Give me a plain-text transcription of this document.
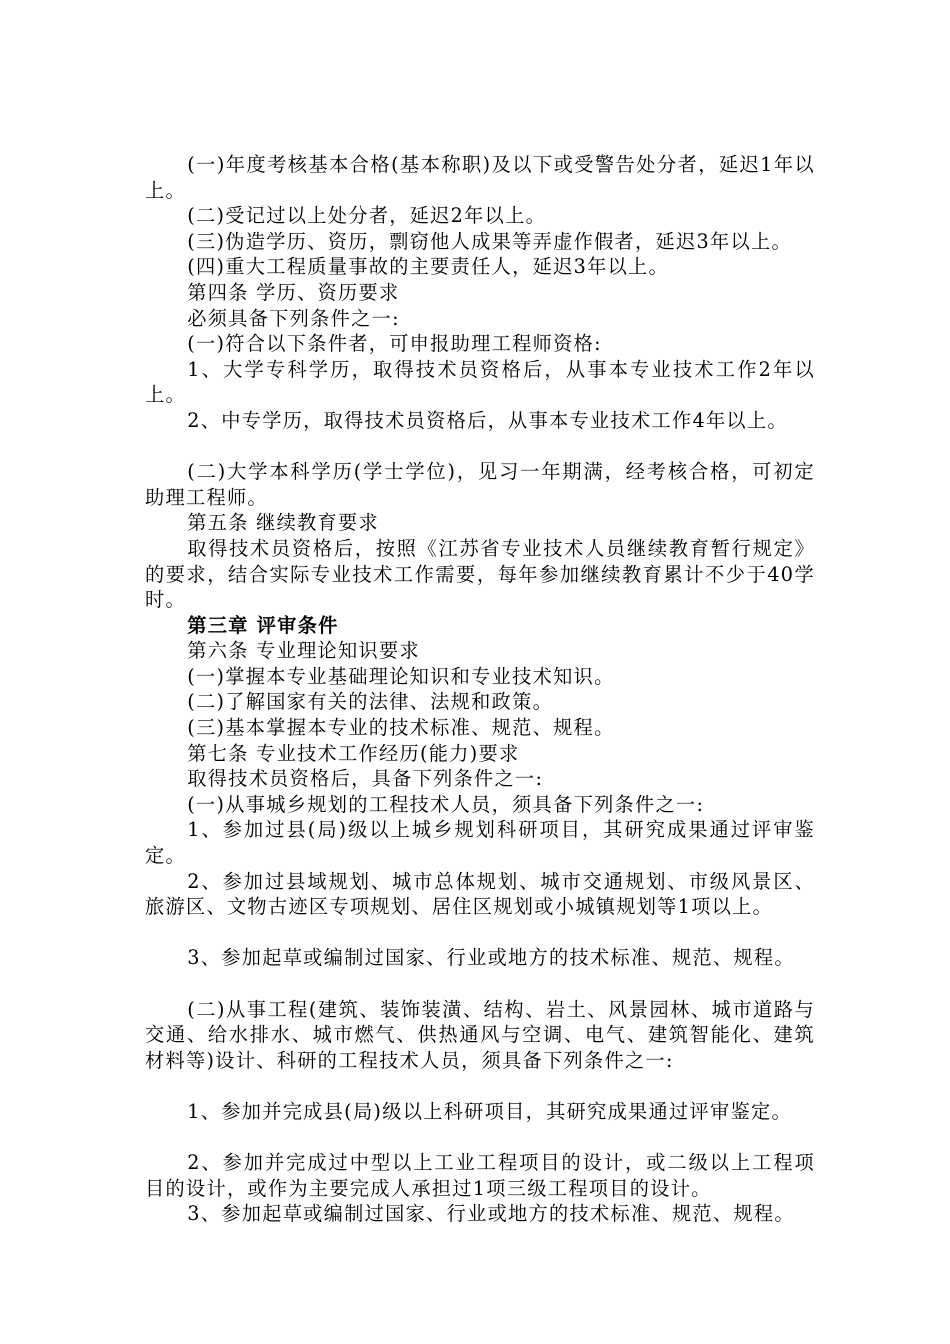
(一)年度考核基本合格(基本称职)及以下或受警告处分者，延迟1年以上。

(二)受记过以上处分者，延迟2年以上。

(三)伪造学历、资历，剽窃他人成果等弄虚作假者，延迟3年以上。

(四)重大工程质量事故的主要责任人，延迟3年以上。

第四条 学历、资历要求

必须具备下列条件之一:

(一)符合以下条件者，可申报助理工程师资格:

1、大学专科学历，取得技术员资格后，从事本专业技术工作2年以上。

2、中专学历，取得技术员资格后，从事本专业技术工作4年以上。

(二)大学本科学历(学士学位)，见习一年期满，经考核合格，可初定助理工程师。

第五条 继续教育要求

取得技术员资格后，按照《江苏省专业技术人员继续教育暂行规定》的要求，结合实际专业技术工作需要，每年参加继续教育累计不少于40学时。

第三章 评审条件

第六条 专业理论知识要求

(一)掌握本专业基础理论知识和专业技术知识。

(二)了解国家有关的法律、法规和政策。

(三)基本掌握本专业的技术标准、规范、规程。

第七条 专业技术工作经历(能力)要求

取得技术员资格后，具备下列条件之一:

(一)从事城乡规划的工程技术人员，须具备下列条件之一:

1、参加过县(局)级以上城乡规划科研项目，其研究成果通过评审鉴定。

2、参加过县域规划、城市总体规划、城市交通规划、市级风景区、旅游区、文物古迹区专项规划、居住区规划或小城镇规划等1项以上。

3、参加起草或编制过国家、行业或地方的技术标准、规范、规程。

(二)从事工程(建筑、装饰装潢、结构、岩土、风景园林、城市道路与交通、给水排水、城市燃气、供热通风与空调、电气、建筑智能化、建筑材料等)设计、科研的工程技术人员，须具备下列条件之一:

1、参加并完成县(局)级以上科研项目，其研究成果通过评审鉴定。

2、参加并完成过中型以上工业工程项目的设计，或二级以上工程项目的设计，或作为主要完成人承担过1项三级工程项目的设计。

3、参加起草或编制过国家、行业或地方的技术标准、规范、规程。
